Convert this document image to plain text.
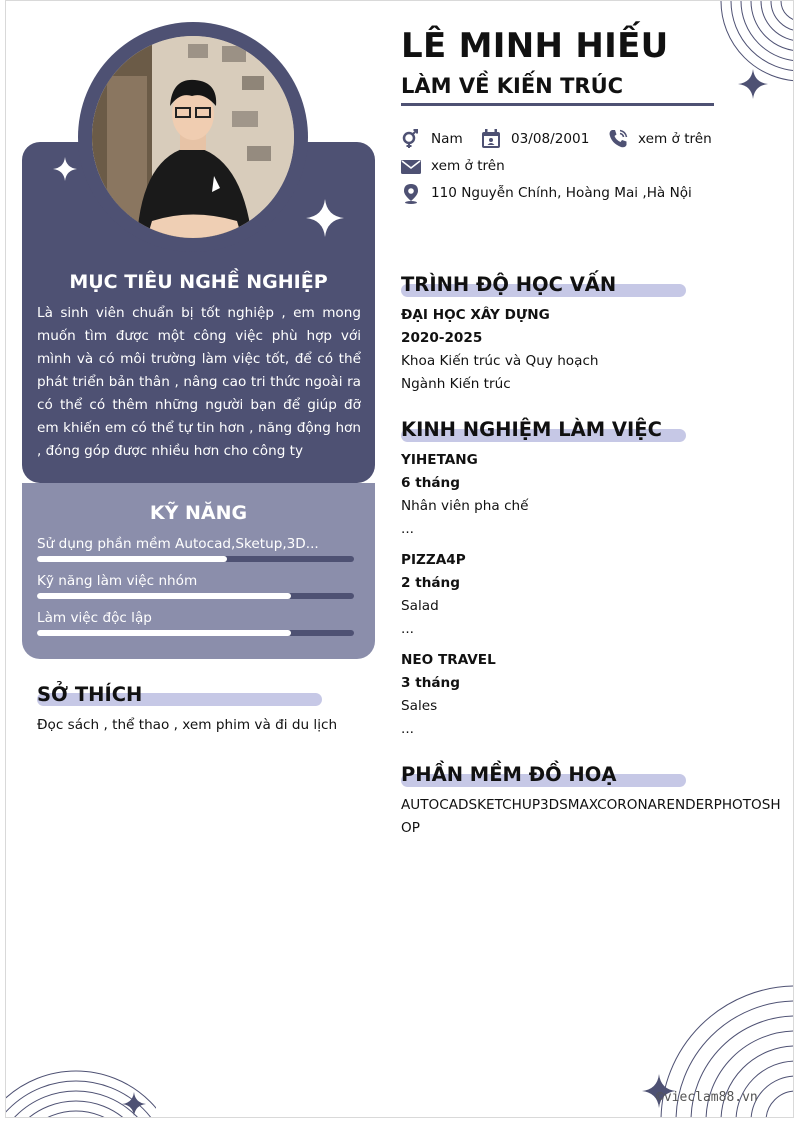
MỤC TIÊU NGHỀ NGHIỆP
Là sinh viên chuẩn bị tốt nghiệp , em mong muốn tìm được một công việc phù hợp với mình và có môi trường làm việc tốt, để có thể phát triển bản thân , nâng cao tri thức ngoài ra có thể có thêm những người bạn để giúp đỡ em khiến em có thể tự tin hơn , năng động hơn , đóng góp được nhiều hơn cho công ty
KỸ NĂNG
Sử dụng phần mềm Autocad,Sketup,3D...
Kỹ năng làm việc nhóm
Làm việc độc lập
SỞ THÍCH
Đọc sách , thể thao , xem phim và đi du lịch
LÊ MINH HIẾU
LÀM VỀ KIẾN TRÚC
Nam	03/08/2001	xem ở trên
xem ở trên
110 Nguyễn Chính, Hoàng Mai ,Hà Nội
TRÌNH ĐỘ HỌC VẤN
ĐẠI HỌC XÂY DỰNG
2020-2025
Khoa Kiến trúc và Quy hoạch
Ngành Kiến trúc
KINH NGHIỆM LÀM VIỆC
YIHETANG
6 tháng
Nhân viên pha chế
...
PIZZA4P
2 tháng
Salad
...
NEO TRAVEL
3 tháng
Sales
...
PHẦN MỀM ĐỒ HOẠ
AUTOCADSKETCHUP3DSMAXCORONARENDERPHOTOSH
OP
©vieclam88.vn
